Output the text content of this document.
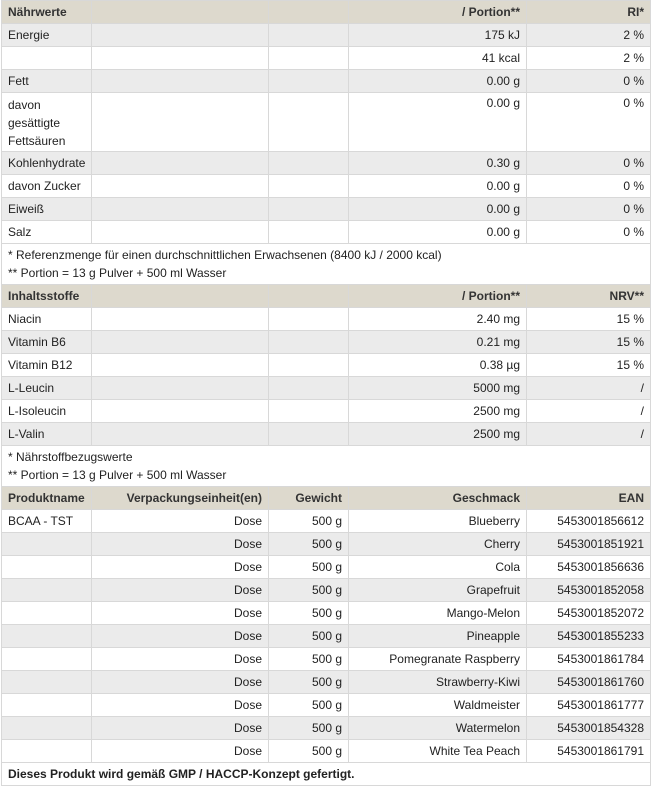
Nährwerte			/ Portion**	RI*
Energie			175 kJ	2 %
			41 kcal	2 %
Fett			0.00 g	0 %
davon gesättigte Fettsäuren			0.00 g	0 %
Kohlenhydrate			0.30 g	0 %
davon Zucker			0.00 g	0 %
Eiweiß			0.00 g	0 %
Salz			0.00 g	0 %

* Referenzmenge für einen durchschnittlichen Erwachsenen (8400 kJ / 2000 kcal)
** Portion = 13 g Pulver + 500 ml Wasser				

Inhaltsstoffe			/ Portion**	NRV**
Niacin			2.40 mg	15 %
Vitamin B6			0.21 mg	15 %
Vitamin B12			0.38 µg	15 %
L-Leucin			5000 mg	/
L-Isoleucin			2500 mg	/
L-Valin			2500 mg	/

* Nährstoffbezugswerte
** Portion = 13 g Pulver + 500 ml Wasser				

Produktname	Verpackungseinheit(en)	Gewicht	Geschmack	EAN
BCAA - TST	Dose	500 g	Blueberry	5453001856612
	Dose	500 g	Cherry	5453001851921
	Dose	500 g	Cola	5453001856636
	Dose	500 g	Grapefruit	5453001852058
	Dose	500 g	Mango-Melon	5453001852072
	Dose	500 g	Pineapple	5453001855233
	Dose	500 g	Pomegranate Raspberry	5453001861784
	Dose	500 g	Strawberry-Kiwi	5453001861760
	Dose	500 g	Waldmeister	5453001861777
	Dose	500 g	Watermelon	5453001854328
	Dose	500 g	White Tea Peach	5453001861791
Dieses Produkt wird gemäß GMP / HACCP-Konzept gefertigt.				
